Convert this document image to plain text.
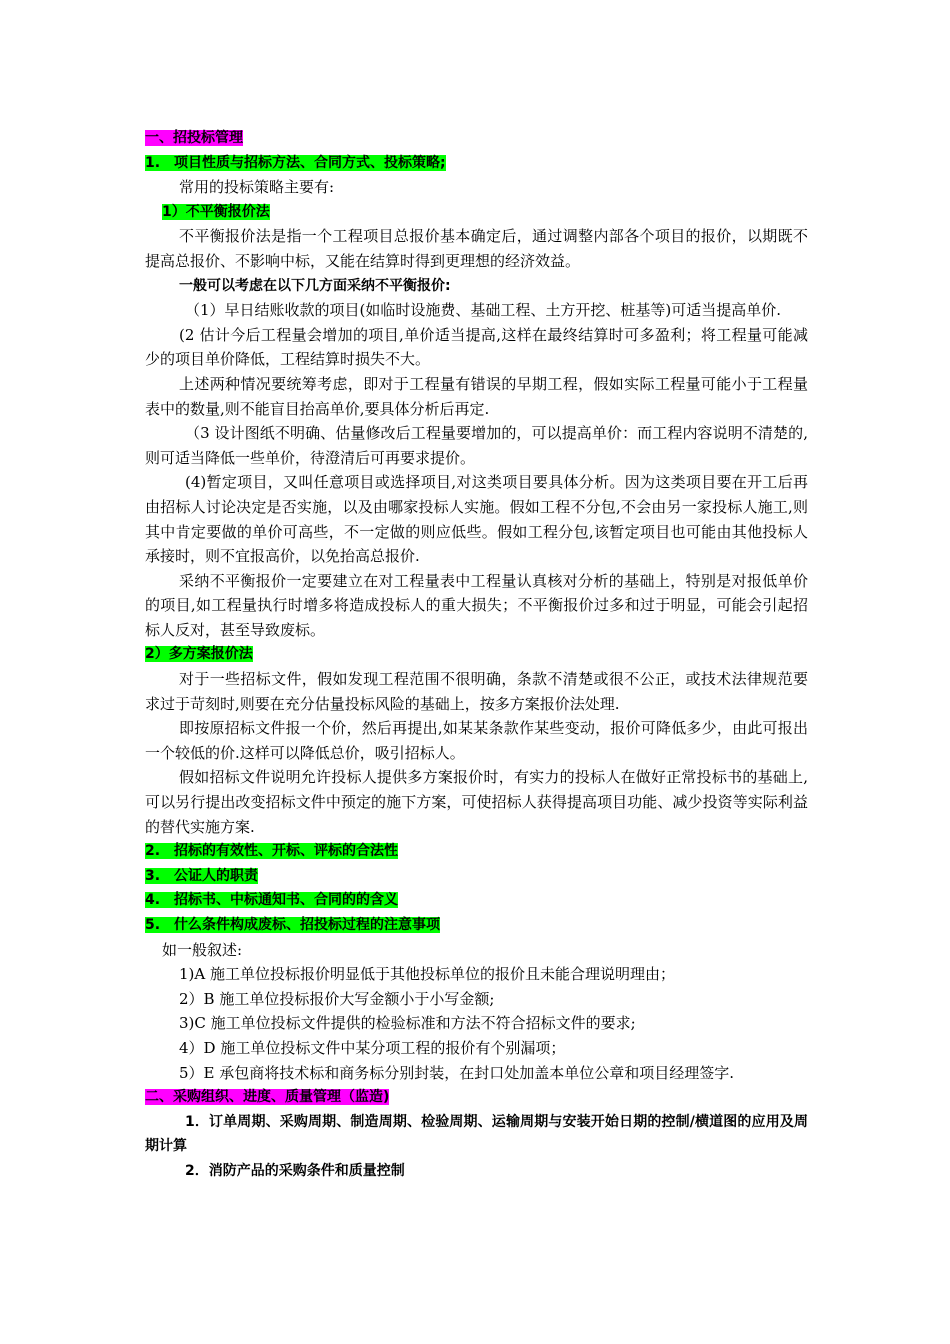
一、招投标管理
1.　项目性质与招标方法、合同方式、投标策略;
常用的投标策略主要有:
1）不平衡报价法
不平衡报价法是指一个工程项目总报价基本确定后，通过调整内部各个项目的报价，以期既不提高总报价、不影响中标，又能在结算时得到更理想的经济效益。
一般可以考虑在以下几方面采纳不平衡报价:
（1）早日结账收款的项目(如临时设施费、基础工程、土方开挖、桩基等)可适当提高单价.
(2 估计今后工程量会增加的项目,单价适当提高,这样在最终结算时可多盈利；将工程量可能减少的项目单价降低，工程结算时损失不大。
上述两种情况要统筹考虑，即对于工程量有错误的早期工程，假如实际工程量可能小于工程量表中的数量,则不能盲目抬高单价,要具体分析后再定.
（3 设计图纸不明确、估量修改后工程量要增加的，可以提高单价：而工程内容说明不清楚的,则可适当降低一些单价，待澄清后可再要求提价。
(4)暂定项目，又叫任意项目或选择项目,对这类项目要具体分析。因为这类项目要在开工后再由招标人讨论决定是否实施，以及由哪家投标人实施。假如工程不分包,不会由另一家投标人施工,则其中肯定要做的单价可高些，不一定做的则应低些。假如工程分包,该暂定项目也可能由其他投标人承接时，则不宜报高价，以免抬高总报价.
采纳不平衡报价一定要建立在对工程量表中工程量认真核对分析的基础上，特别是对报低单价的项目,如工程量执行时增多将造成投标人的重大损失；不平衡报价过多和过于明显，可能会引起招标人反对，甚至导致废标。
2）多方案报价法
对于一些招标文件，假如发现工程范围不很明确，条款不清楚或很不公正，或技术法律规范要求过于苛刻时,则要在充分估量投标风险的基础上，按多方案报价法处理.
即按原招标文件报一个价，然后再提出,如某某条款作某些变动，报价可降低多少，由此可报出一个较低的价.这样可以降低总价，吸引招标人。
假如招标文件说明允许投标人提供多方案报价时，有实力的投标人在做好正常投标书的基础上,可以另行提出改变招标文件中预定的施下方案，可使招标人获得提高项目功能、减少投资等实际利益的替代实施方案.
2.　招标的有效性、开标、评标的合法性
3.　公证人的职责
4.　招标书、中标通知书、合同的的含义
5.　什么条件构成废标、招投标过程的注意事项
如一般叙述:
1)A 施工单位投标报价明显低于其他投标单位的报价且未能合理说明理由；
2）B 施工单位投标报价大写金额小于小写金额;
3)C 施工单位投标文件提供的检验标准和方法不符合招标文件的要求;
4）D 施工单位投标文件中某分项工程的报价有个别漏项；
5）E 承包商将技术标和商务标分别封装，在封口处加盖本单位公章和项目经理签字.
二、采购组织、进度、质量管理（监造)
1．订单周期、采购周期、制造周期、检验周期、运输周期与安装开始日期的控制/横道图的应用及周期计算
2．消防产品的采购条件和质量控制
